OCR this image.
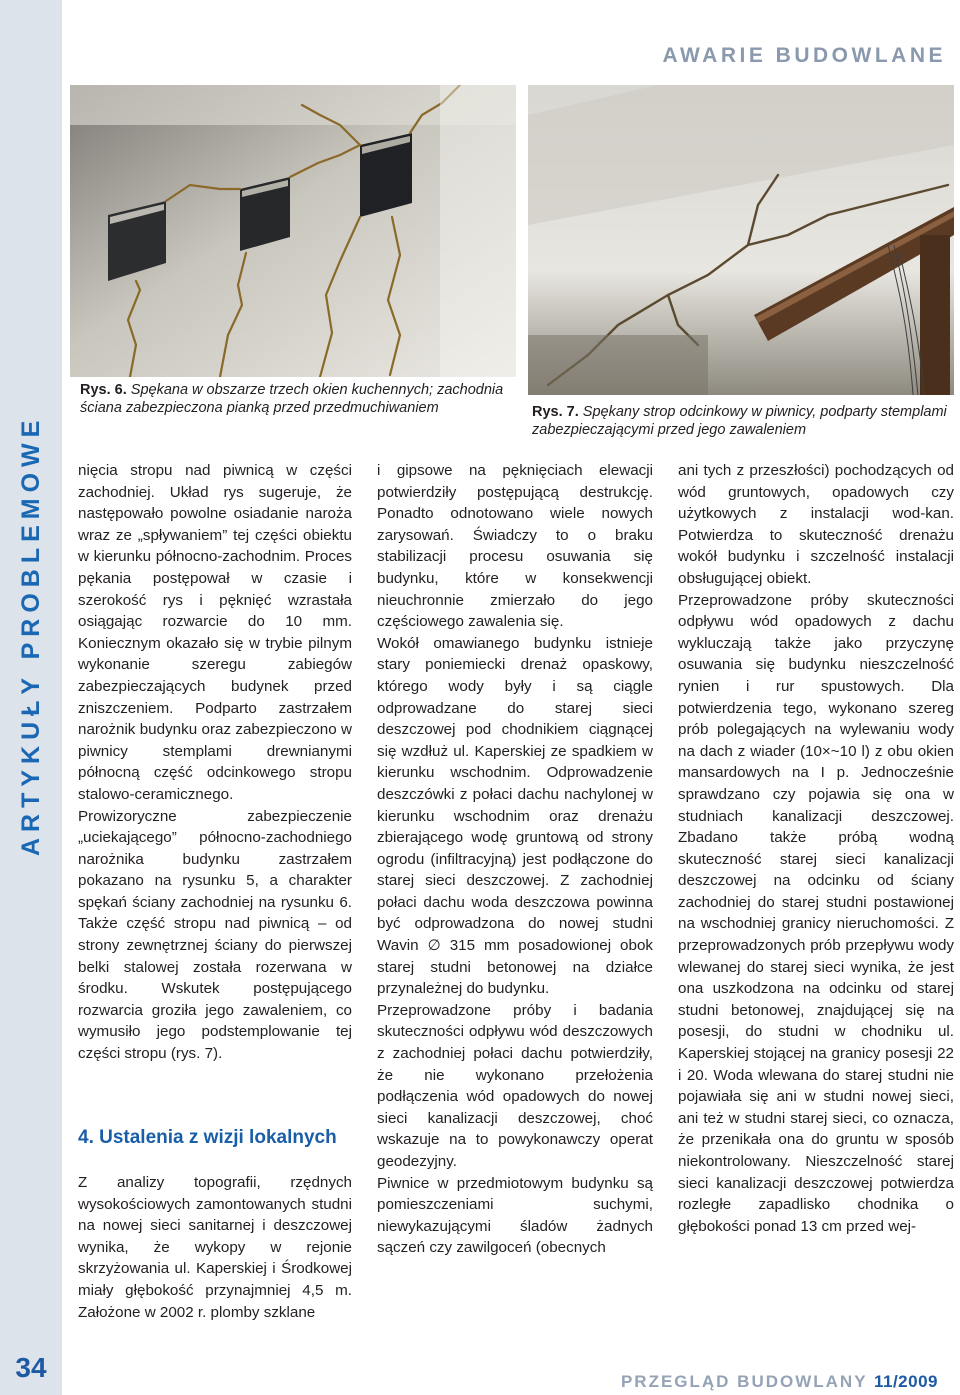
ARTYKUŁY PROBLEMOWE
34
AWARIE BUDOWLANE
Rys. 6. Spękana w obszarze trzech okien kuchennych; zachodnia ściana zabezpieczona pianką przed przedmuchiwaniem	Rys. 7. Spękany strop odcinkowy w piwnicy, podparty stemplami zabezpieczającymi przed jego zawaleniem

nięcia stropu nad piwnicą w części zachodniej. Układ rys sugeruje, że następowało powolne osiadanie naroża wraz ze „spływaniem” tej części obiektu w kierunku północno-zachodnim. Proces pękania postępował w czasie i szerokość rys i pęknięć wzrastała osiągając rozwarcie do 10 mm. Koniecznym okazało się w trybie pilnym wykonanie szeregu zabiegów zabezpieczających budynek przed zniszczeniem. Podparto zastrzałem narożnik budynku oraz zabezpieczono w piwnicy stemplami drewnianymi północną część odcinkowego stropu stalowo-ceramicznego.

Prowizoryczne zabezpieczenie „uciekającego” północno-zachodniego narożnika budynku zastrzałem pokazano na rysunku 5, a charakter spękań ściany zachodniej na rysunku 6. Także część stropu nad piwnicą – od strony zewnętrznej ściany do pierwszej belki stalowej została rozerwana w środku. Wskutek postępującego rozwarcia groziła jego zawaleniem, co wymusiło jego podstemplowanie tej części stropu (rys. 7).

4. Ustalenia z wizji lokalnych

Z analizy topografii, rzędnych wysokościowych zamontowanych studni na nowej sieci sanitarnej i deszczowej wynika, że wykopy w rejonie skrzyżowania ul. Kaperskiej i Środkowej miały głębokość przynajmniej 4,5 m. Założone w 2002 r. plomby szklane

i gipsowe na pęknięciach elewacji potwierdziły postępującą destrukcję. Ponadto odnotowano wiele nowych zarysowań. Świadczy to o braku stabilizacji procesu osuwania się budynku, które w konsekwencji nieuchronnie zmierzało do jego częściowego zawalenia się.

Wokół omawianego budynku istnieje stary poniemiecki drenaż opaskowy, którego wody były i są ciągle odprowadzane do starej sieci deszczowej pod chodnikiem ciągnącej się wzdłuż ul. Kaperskiej ze spadkiem w kierunku wschodnim. Odprowadzenie deszczówki z połaci dachu nachylonej w kierunku wschodnim oraz drenażu zbierającego wodę gruntową od strony ogrodu (infiltracyjną) jest podłączone do starej sieci deszczowej. Z zachodniej połaci dachu woda deszczowa powinna być odprowadzona do nowej studni Wavin ∅ 315 mm posadowionej obok starej studni betonowej na działce przynależnej do budynku.

Przeprowadzone próby i badania skuteczności odpływu wód deszczowych z zachodniej połaci dachu potwierdziły, że nie wykonano przełożenia podłączenia wód opadowych do nowej sieci kanalizacji deszczowej, choć wskazuje na to powykonawczy operat geodezyjny.

Piwnice w przedmiotowym budynku są pomieszczeniami suchymi, niewykazującymi śladów żadnych sączeń czy zawilgoceń (obecnych

ani tych z przeszłości) pochodzących od wód gruntowych, opadowych czy użytkowych z instalacji wod-kan. Potwierdza to skuteczność drenażu wokół budynku i szczelność instalacji obsługującej obiekt.

Przeprowadzone próby skuteczności odpływu wód opadowych z dachu wykluczają także jako przyczynę osuwania się budynku nieszczelność rynien i rur spustowych. Dla potwierdzenia tego, wykonano szereg prób polegających na wylewaniu wody na dach z wiader (10×~10 l) z obu okien mansardowych na I p. Jednocześnie sprawdzano czy pojawia się ona w studniach kanalizacji deszczowej. Zbadano także próbą wodną skuteczność starej sieci kanalizacji deszczowej na odcinku od ściany zachodniej do starej studni postawionej na wschodniej granicy nieruchomości. Z przeprowadzonych prób przepływu wody wlewanej do starej sieci wynika, że jest ona uszkodzona na odcinku od starej studni betonowej, znajdującej się na posesji, do studni w chodniku ul. Kaperskiej stojącej na granicy posesji 22 i 20. Woda wlewana do starej studni nie pojawiała się ani w studni nowej sieci, ani też w studni starej sieci, co oznacza, że przenikała ona do gruntu w sposób niekontrolowany. Nieszczelność starej sieci kanalizacji deszczowej potwierdza rozległe zapadlisko chodnika o głębokości ponad 13 cm przed wej-

PRZEGLĄD BUDOWLANY 11/2009
